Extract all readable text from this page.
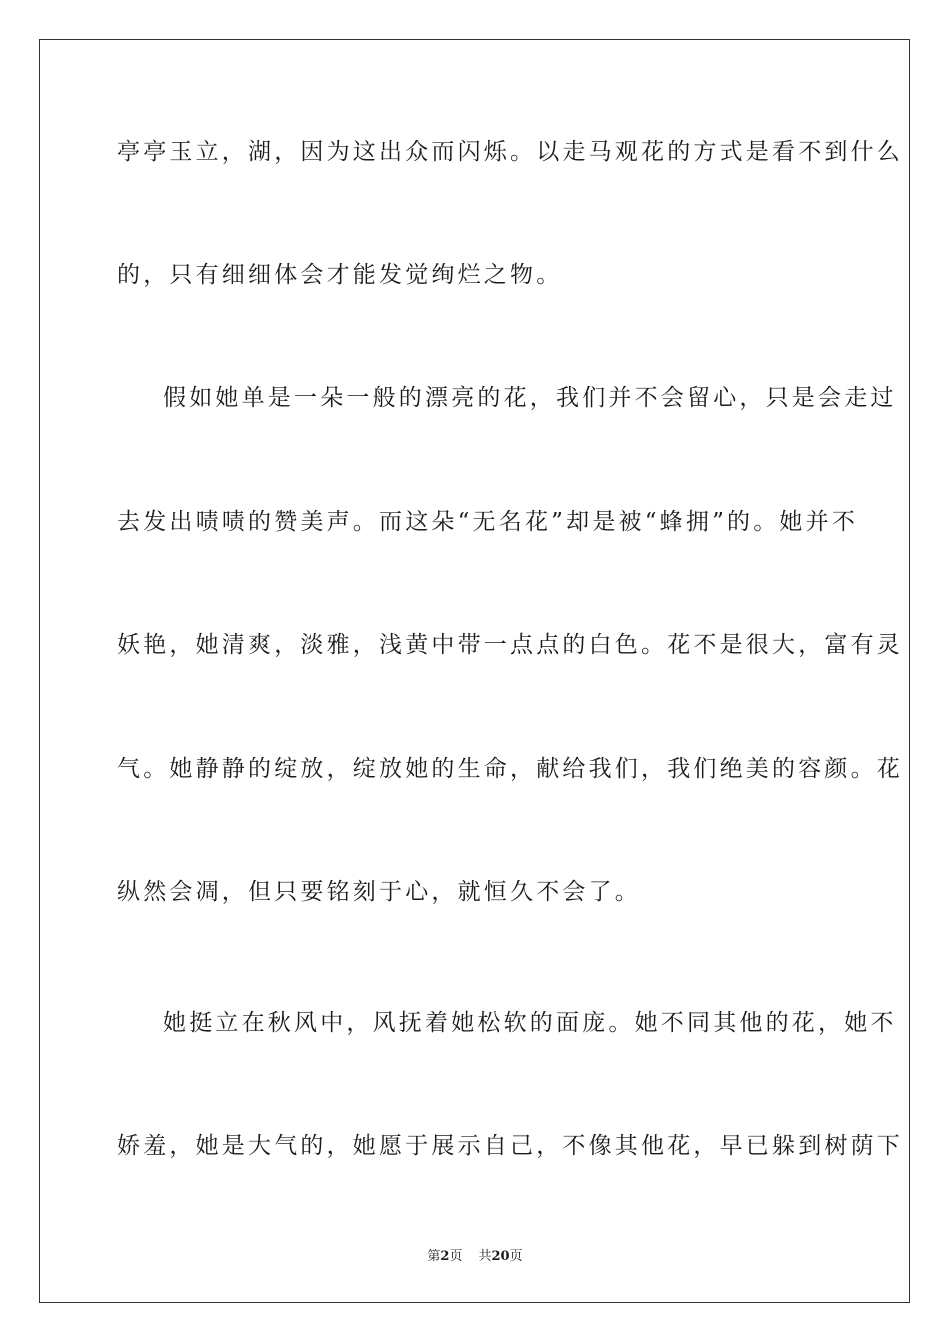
亭亭玉立，湖，因为这出众而闪烁。以走马观花的方式是看不到什么
的，只有细细体会才能发觉绚烂之物。
假如她单是一朵一般的漂亮的花，我们并不会留心，只是会走过
去发出啧啧的赞美声。而这朵“无名花”却是被“蜂拥”的。她并不
妖艳，她清爽，淡雅，浅黄中带一点点的白色。花不是很大，富有灵
气。她静静的绽放，绽放她的生命，献给我们，我们绝美的容颜。花
纵然会凋，但只要铭刻于心，就恒久不会了。
她挺立在秋风中，风抚着她松软的面庞。她不同其他的花，她不
娇羞，她是大气的，她愿于展示自己，不像其他花，早已躲到树荫下
第2页 共20页
